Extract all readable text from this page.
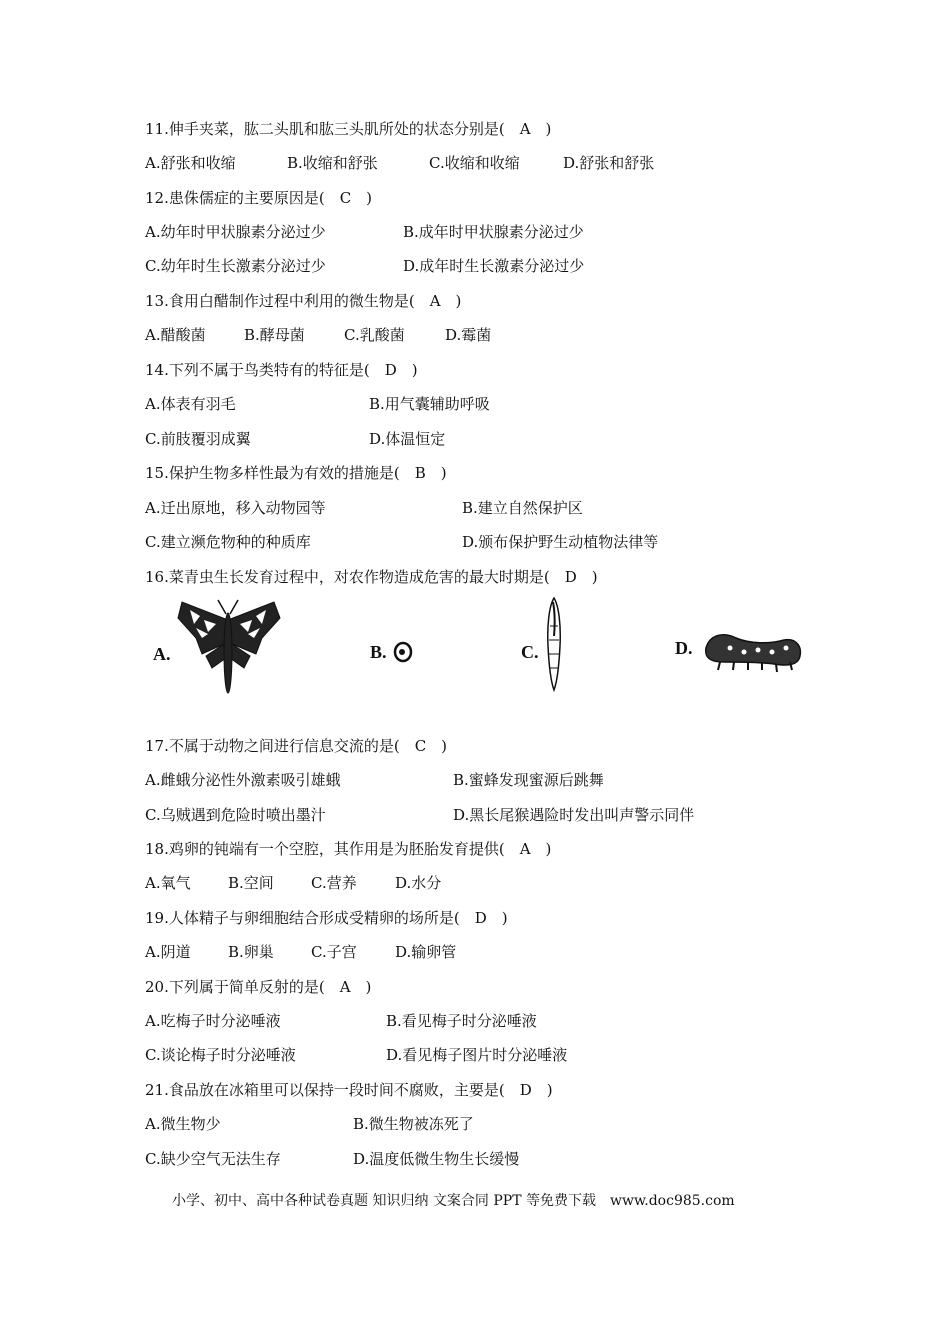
11.伸手夹菜，肱二头肌和肱三头肌所处的状态分别是(　A　)
A.舒张和收缩	B.收缩和舒张	C.收缩和收缩	D.舒张和舒张
12.患侏儒症的主要原因是(　C　)
A.幼年时甲状腺素分泌过少	B.成年时甲状腺素分泌过少
C.幼年时生长激素分泌过少	D.成年时生长激素分泌过少
13.食用白醋制作过程中利用的微生物是(　A　)
A.醋酸菌	B.酵母菌	C.乳酸菌	D.霉菌
14.下列不属于鸟类特有的特征是(　D　)
A.体表有羽毛	B.用气囊辅助呼吸
C.前肢覆羽成翼	D.体温恒定
15.保护生物多样性最为有效的措施是(　B　)
A.迁出原地，移入动物园等	B.建立自然保护区
C.建立濒危物种的种质库	D.颁布保护野生动植物法律等
16.菜青虫生长发育过程中，对农作物造成危害的最大时期是(　D　)
A.	B.	C.	D.
17.不属于动物之间进行信息交流的是(　C　)
A.雌蛾分泌性外激素吸引雄蛾	B.蜜蜂发现蜜源后跳舞
C.乌贼遇到危险时喷出墨汁	D.黑长尾猴遇险时发出叫声警示同伴
18.鸡卵的钝端有一个空腔，其作用是为胚胎发育提供(　A　)
A.氧气 B.空间 C.营养	D.水分
19.人体精子与卵细胞结合形成受精卵的场所是(　D　)
A.阴道 B.卵巢 C.子宫	D.输卵管
20.下列属于简单反射的是(　A　)
A.吃梅子时分泌唾液	B.看见梅子时分泌唾液
C.谈论梅子时分泌唾液	D.看见梅子图片时分泌唾液
21.食品放在冰箱里可以保持一段时间不腐败，主要是(　D　)
A.微生物少	B.微生物被冻死了
C.缺少空气无法生存	D.温度低微生物生长缓慢
小学、初中、高中各种试卷真题 知识归纳 文案合同 PPT 等免费下载　www.doc985.com
